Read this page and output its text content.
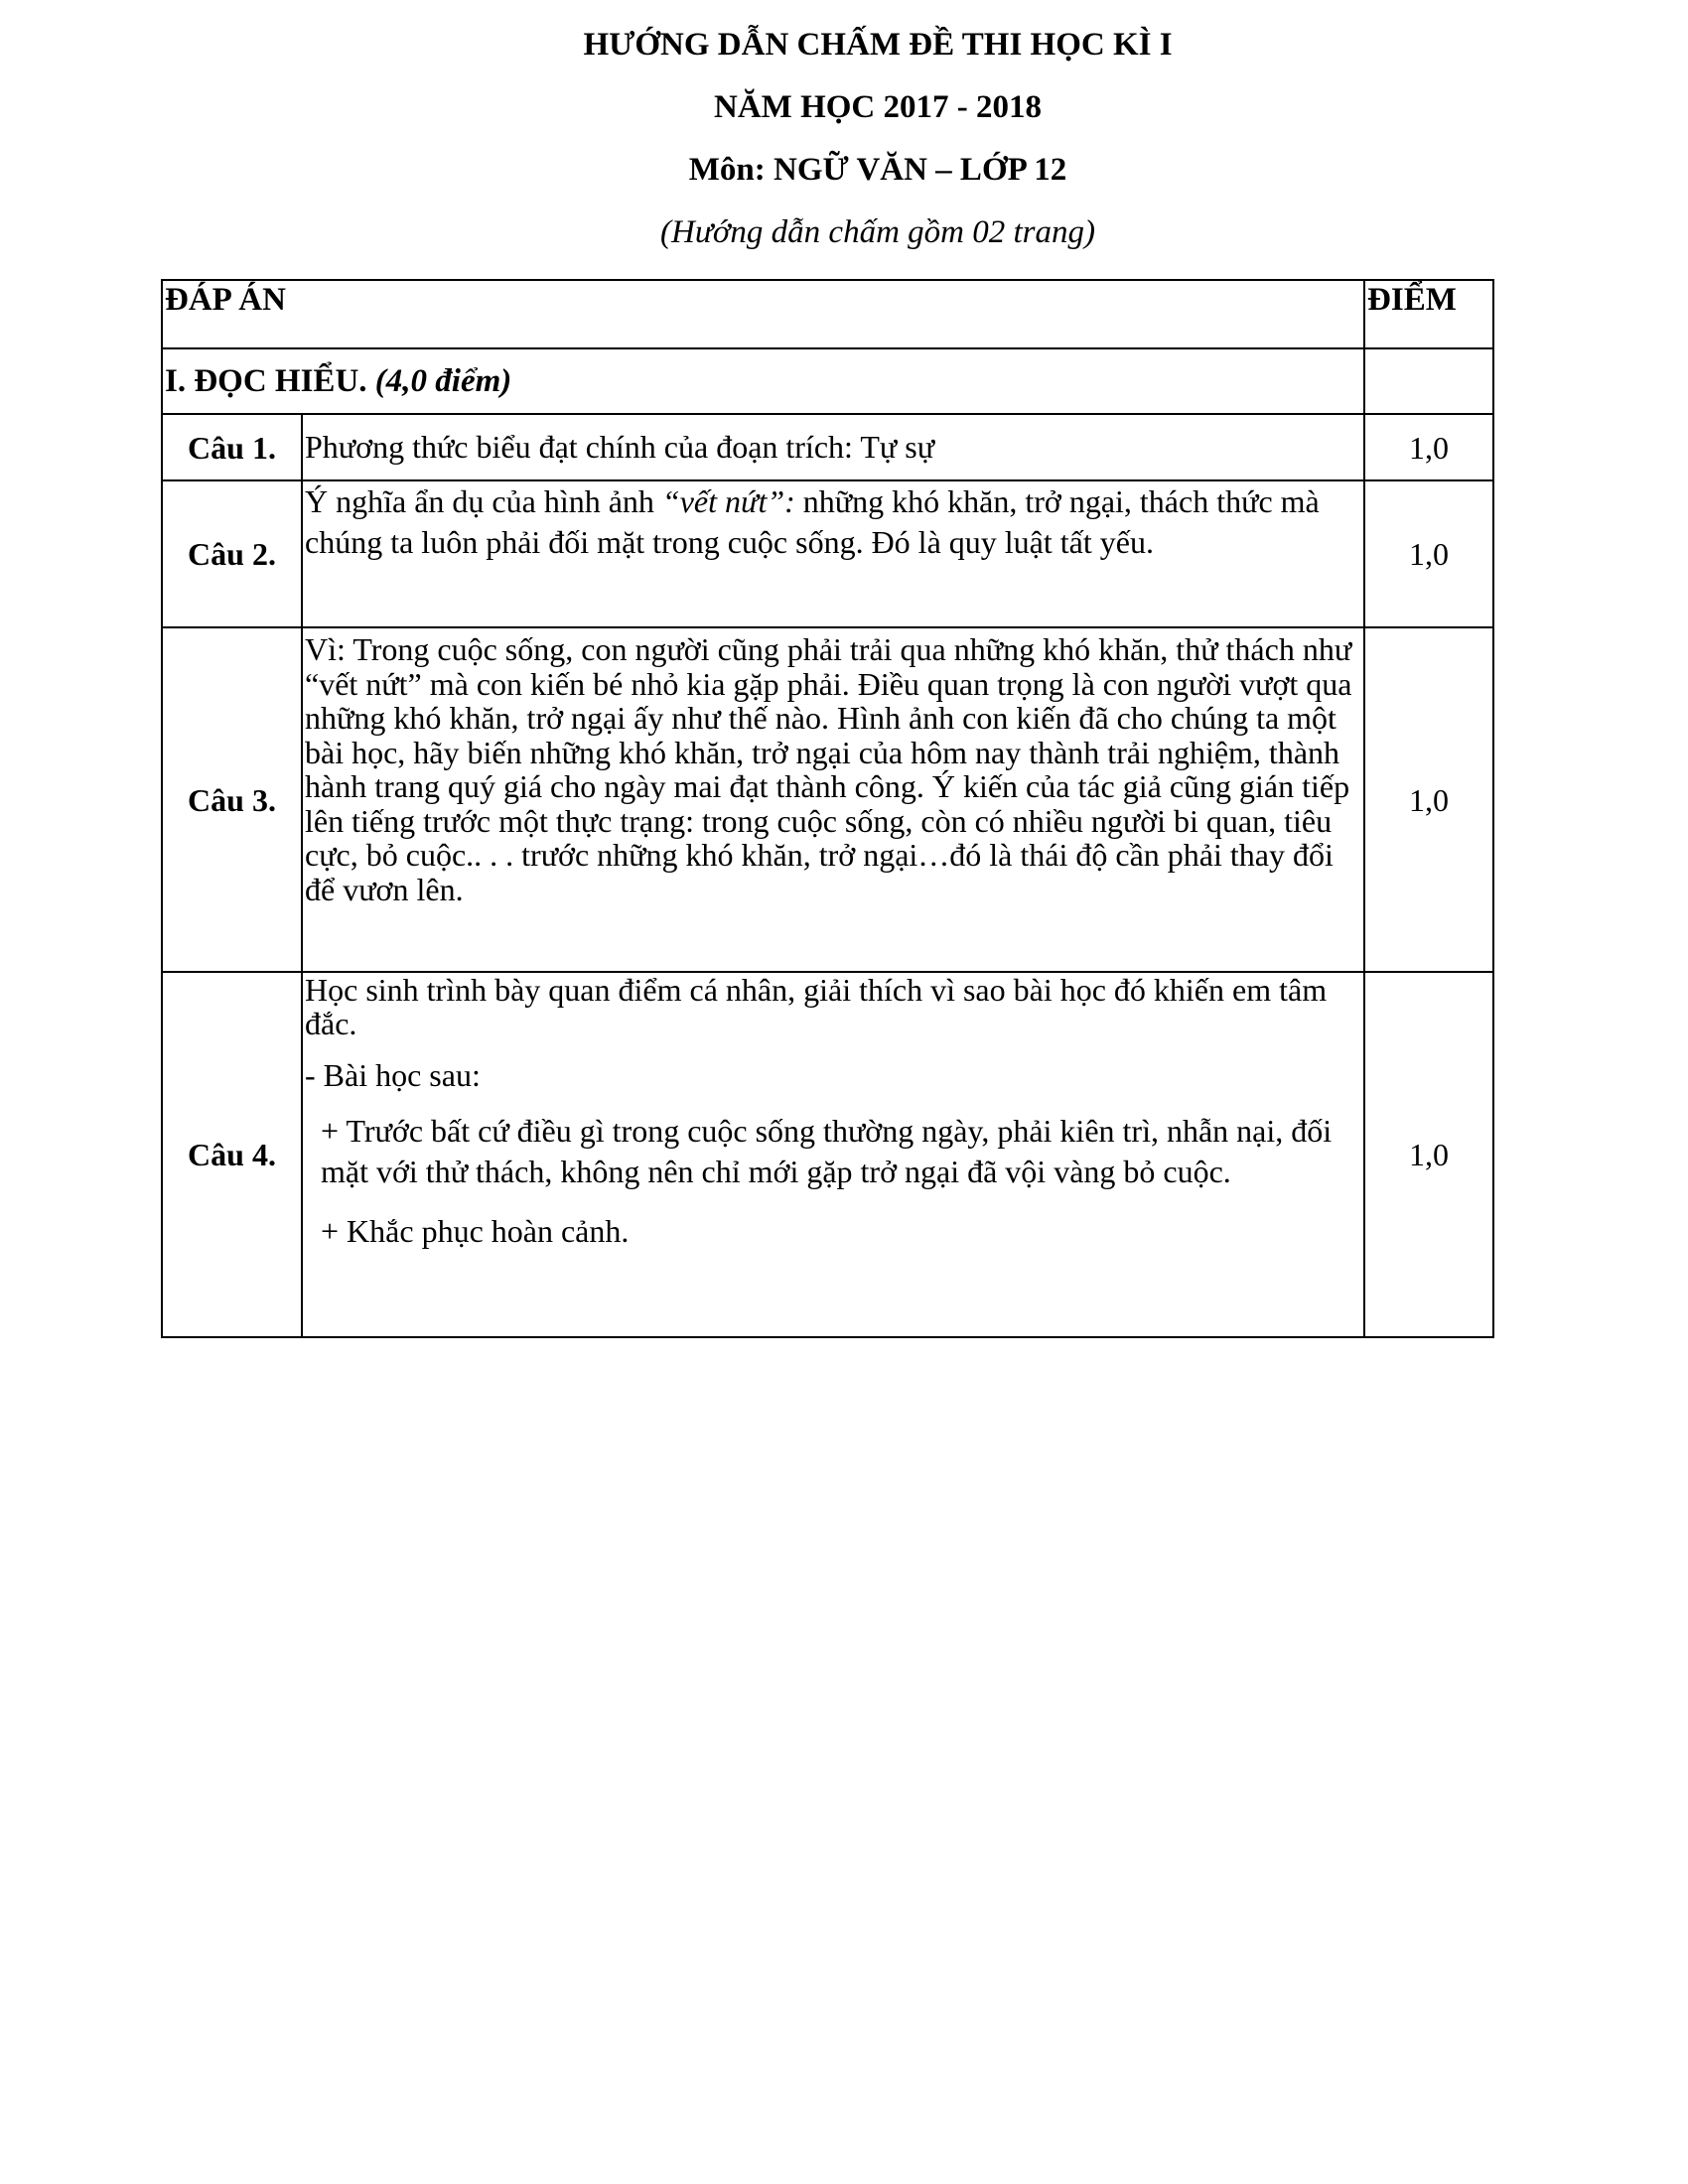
HƯỚNG DẪN CHẤM ĐỀ THI HỌC KÌ I
NĂM HỌC 2017 - 2018
Môn: NGỮ VĂN – LỚP 12
(Hướng dẫn chấm gồm 02 trang)
ĐÁP ÁN		ĐIỂM
I. ĐỌC HIỂU. (4,0 điểm)		
Câu 1.	Phương thức biểu đạt chính của đoạn trích: Tự sự	1,0
Câu 2.	Ý nghĩa ẩn dụ của hình ảnh “vết nứt”: những khó khăn, trở ngại, thách thức mà chúng ta luôn phải đối mặt trong cuộc sống. Đó là quy luật tất yếu.	1,0
Câu 3.	Vì: Trong cuộc sống, con người cũng phải trải qua những khó khăn, thử thách như “vết nứt” mà con kiến bé nhỏ kia gặp phải. Điều quan trọng là con người vượt qua những khó khăn, trở ngại ấy như thế nào. Hình ảnh con kiến đã cho chúng ta một bài học, hãy biến những khó khăn, trở ngại của hôm nay thành trải nghiệm, thành hành trang quý giá cho ngày mai đạt thành công. Ý kiến của tác giả cũng gián tiếp lên tiếng trước một thực trạng: trong cuộc sống, còn có nhiều người bi quan, tiêu cực, bỏ cuộc.. . . trước những khó khăn, trở ngại…đó là thái độ cần phải thay đổi để vươn lên.	1,0
Câu 4.	Học sinh trình bày quan điểm cá nhân, giải thích vì sao bài học đó khiến em tâm đắc.

- Bài học sau:

+ Trước bất cứ điều gì trong cuộc sống thường ngày, phải kiên trì, nhẫn nại, đối mặt với thử thách, không nên chỉ mới gặp trở ngại đã vội vàng bỏ cuộc.

+ Khắc phục hoàn cảnh.	1,0
